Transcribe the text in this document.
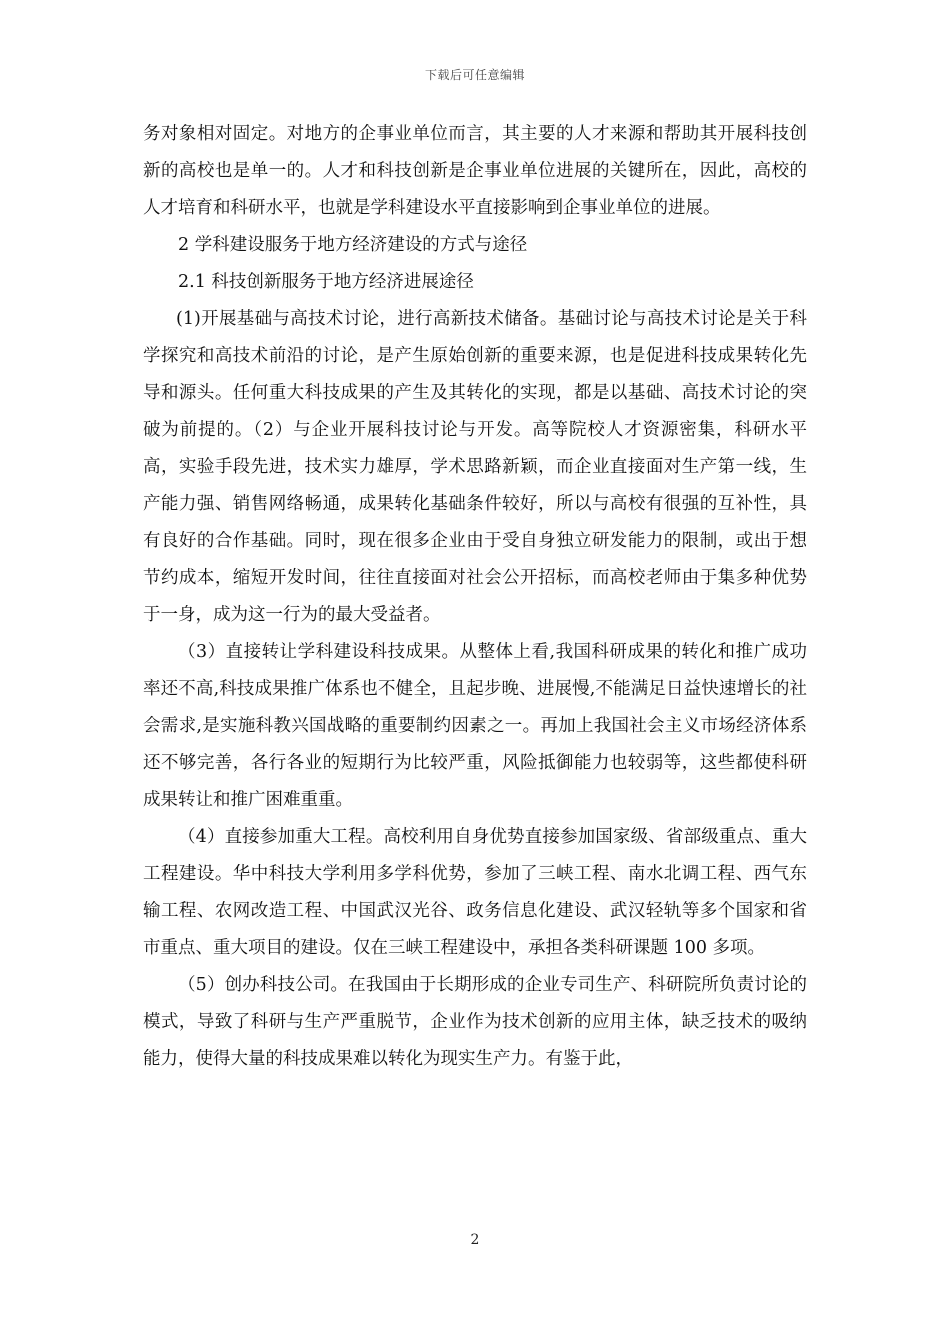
下载后可任意编辑

务对象相对固定。对地方的企事业单位而言，其主要的人才来源和帮助其开展科技创新的高校也是单一的。人才和科技创新是企事业单位进展的关键所在，因此，高校的人才培育和科研水平，也就是学科建设水平直接影响到企事业单位的进展。

2 学科建设服务于地方经济建设的方式与途径

2.1 科技创新服务于地方经济进展途径

(1)开展基础与高技术讨论，进行高新技术储备。基础讨论与高技术讨论是关于科学探究和高技术前沿的讨论，是产生原始创新的重要来源，也是促进科技成果转化先导和源头。任何重大科技成果的产生及其转化的实现，都是以基础、高技术讨论的突破为前提的。（2）与企业开展科技讨论与开发。高等院校人才资源密集，科研水平高，实验手段先进，技术实力雄厚，学术思路新颖，而企业直接面对生产第一线，生产能力强、销售网络畅通，成果转化基础条件较好，所以与高校有很强的互补性，具有良好的合作基础。同时，现在很多企业由于受自身独立研发能力的限制，或出于想节约成本，缩短开发时间，往往直接面对社会公开招标，而高校老师由于集多种优势于一身，成为这一行为的最大受益者。

（3）直接转让学科建设科技成果。从整体上看,我国科研成果的转化和推广成功率还不高,科技成果推广体系也不健全，且起步晚、进展慢,不能满足日益快速增长的社会需求,是实施科教兴国战略的重要制约因素之一。再加上我国社会主义市场经济体系还不够完善，各行各业的短期行为比较严重，风险抵御能力也较弱等，这些都使科研成果转让和推广困难重重。

（4）直接参加重大工程。高校利用自身优势直接参加国家级、省部级重点、重大工程建设。华中科技大学利用多学科优势，参加了三峡工程、南水北调工程、西气东输工程、农网改造工程、中国武汉光谷、政务信息化建设、武汉轻轨等多个国家和省市重点、重大项目的建设。仅在三峡工程建设中，承担各类科研课题 100 多项。

（5）创办科技公司。在我国由于长期形成的企业专司生产、科研院所负责讨论的模式，导致了科研与生产严重脱节，企业作为技术创新的应用主体，缺乏技术的吸纳能力，使得大量的科技成果难以转化为现实生产力。有鉴于此，

2
